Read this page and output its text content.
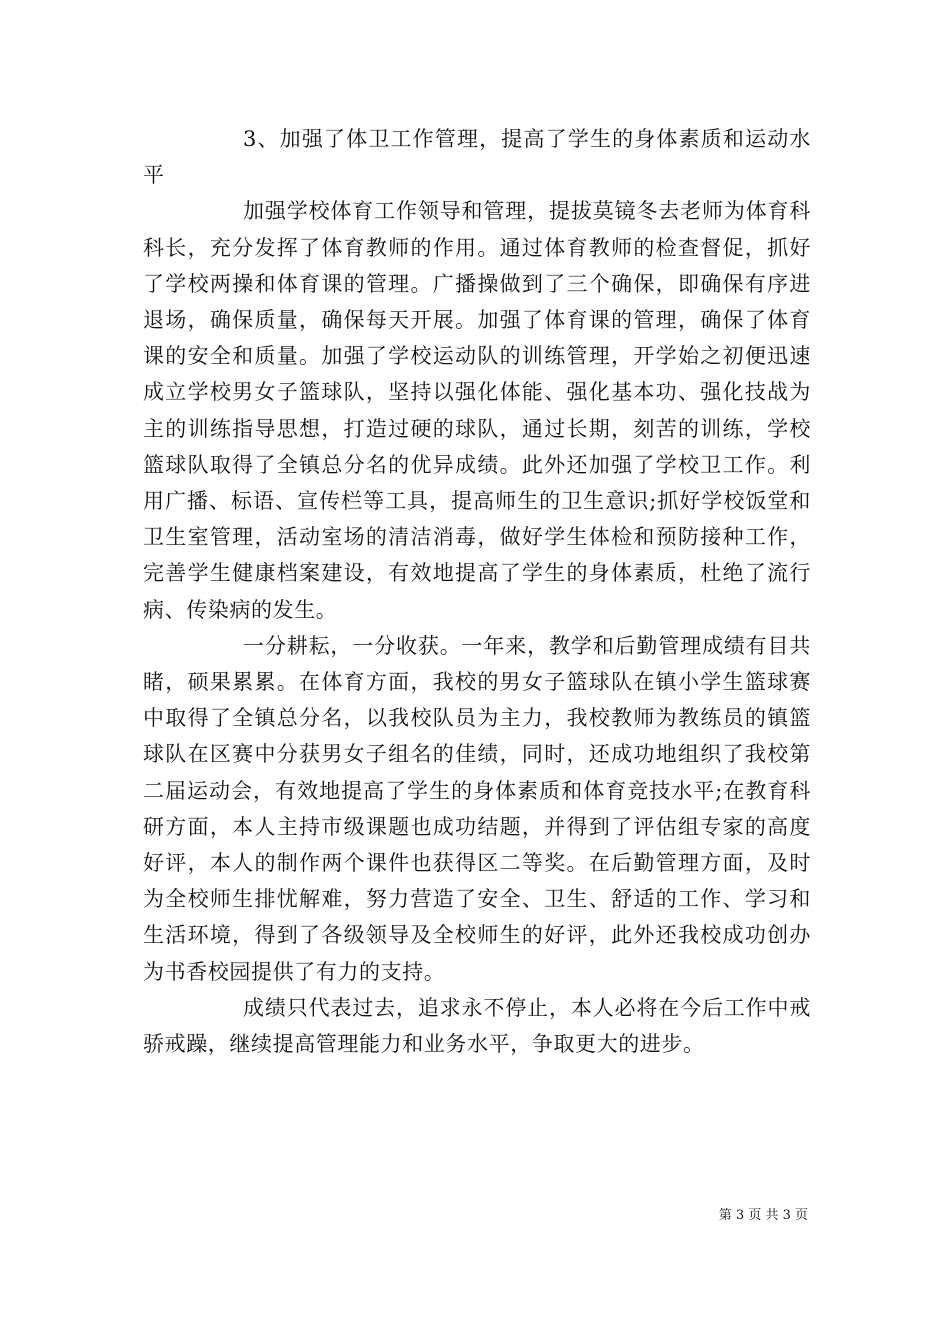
3、加强了体卫工作管理，提高了学生的身体素质和运动水平

加强学校体育工作领导和管理，提拔莫镜冬去老师为体育科科长，充分发挥了体育教师的作用。通过体育教师的检查督促，抓好了学校两操和体育课的管理。广播操做到了三个确保，即确保有序进退场，确保质量，确保每天开展。加强了体育课的管理，确保了体育课的安全和质量。加强了学校运动队的训练管理，开学始之初便迅速成立学校男女子篮球队，坚持以强化体能、强化基本功、强化技战为主的训练指导思想，打造过硬的球队，通过长期，刻苦的训练，学校篮球队取得了全镇总分名的优异成绩。此外还加强了学校卫工作。利用广播、标语、宣传栏等工具，提高师生的卫生意识;抓好学校饭堂和卫生室管理，活动室场的清洁消毒，做好学生体检和预防接种工作，完善学生健康档案建设，有效地提高了学生的身体素质，杜绝了流行病、传染病的发生。

一分耕耘，一分收获。一年来，教学和后勤管理成绩有目共睹，硕果累累。在体育方面，我校的男女子篮球队在镇小学生篮球赛中取得了全镇总分名，以我校队员为主力，我校教师为教练员的镇篮球队在区赛中分获男女子组名的佳绩，同时，还成功地组织了我校第二届运动会，有效地提高了学生的身体素质和体育竞技水平;在教育科研方面，本人主持市级课题也成功结题，并得到了评估组专家的高度好评，本人的制作两个课件也获得区二等奖。在后勤管理方面，及时为全校师生排忧解难，努力营造了安全、卫生、舒适的工作、学习和生活环境，得到了各级领导及全校师生的好评，此外还我校成功创办为书香校园提供了有力的支持。

成绩只代表过去，追求永不停止，本人必将在今后工作中戒骄戒躁，继续提高管理能力和业务水平，争取更大的进步。

第 3 页 共 3 页
